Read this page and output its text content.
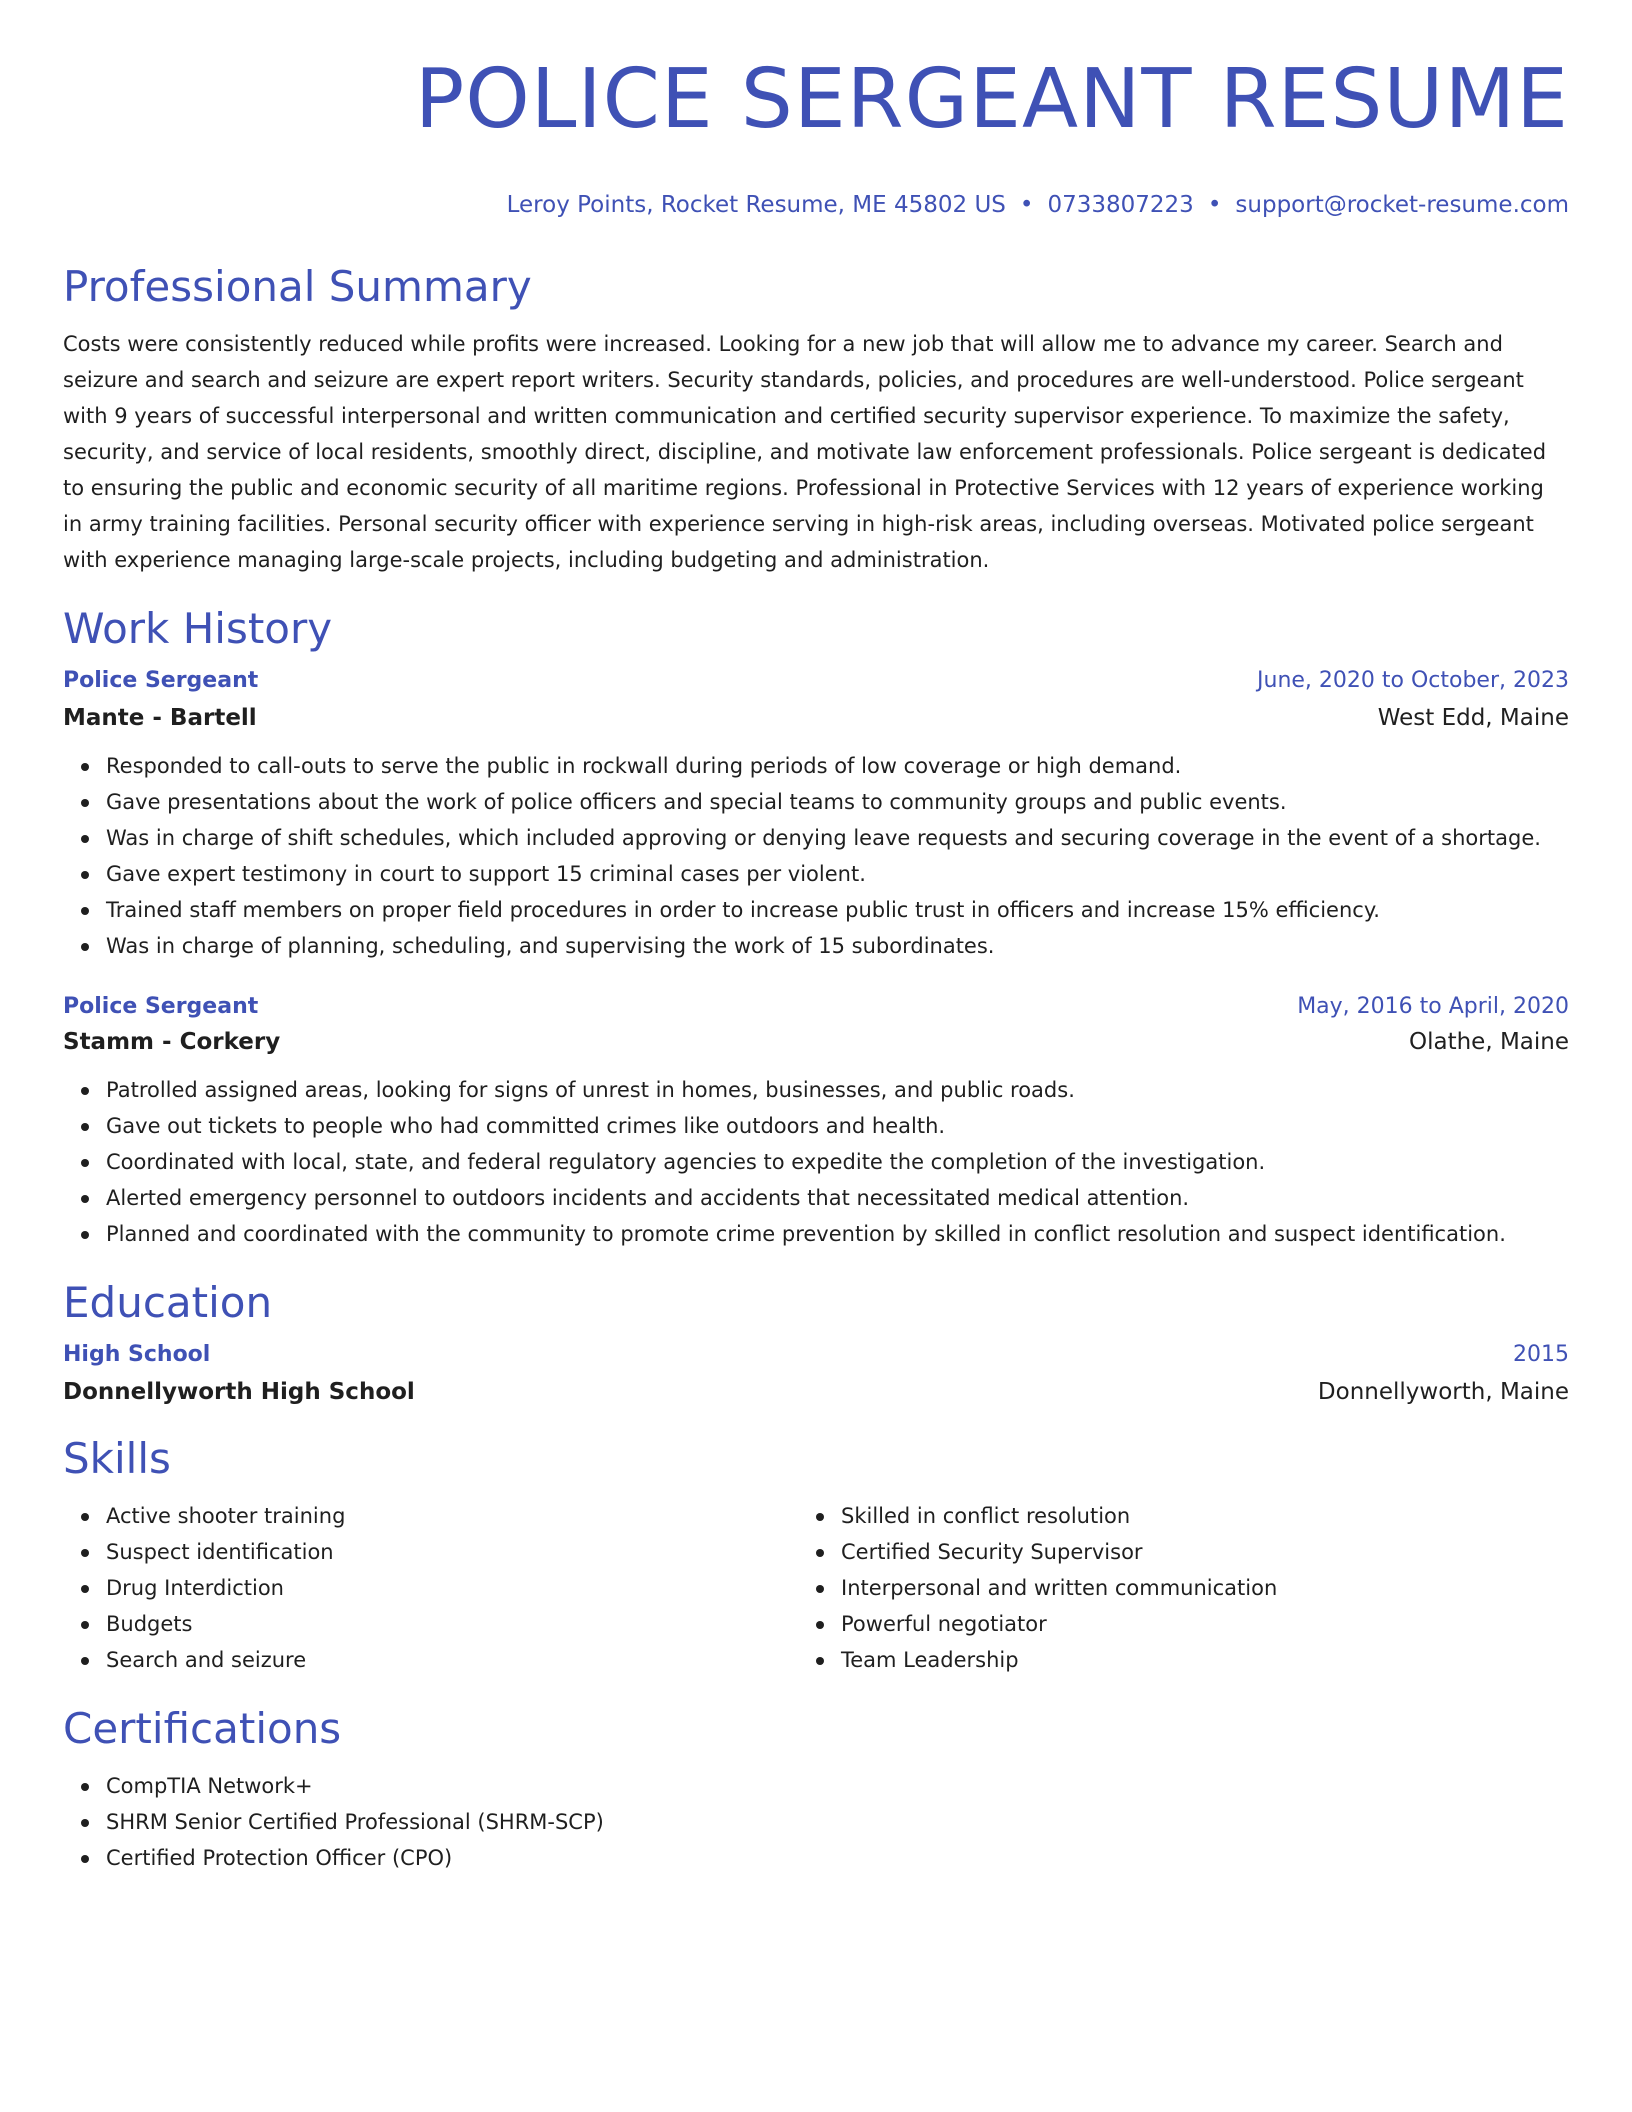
POLICE SERGEANT RESUME
Leroy Points, Rocket Resume, ME 45802 US • 0733807223 • support@rocket-resume.com
Professional Summary

Costs were consistently reduced while profits were increased. Looking for a new job that will allow me to advance my career. Search and seizure and search and seizure are expert report writers. Security standards, policies, and procedures are well-understood. Police sergeant with 9 years of successful interpersonal and written communication and certified security supervisor experience. To maximize the safety, security, and service of local residents, smoothly direct, discipline, and motivate law enforcement professionals. Police sergeant is dedicated to ensuring the public and economic security of all maritime regions. Professional in Protective Services with 12 years of experience working in army training facilities. Personal security officer with experience serving in high-risk areas, including overseas. Motivated police sergeant with experience managing large-scale projects, including budgeting and administration.

Work History
Police Sergeant	June, 2020 to October, 2023
Mante - Bartell	West Edd, Maine
Responded to call-outs to serve the public in rockwall during periods of low coverage or high demand.
Gave presentations about the work of police officers and special teams to community groups and public events.
Was in charge of shift schedules, which included approving or denying leave requests and securing coverage in the event of a shortage.
Gave expert testimony in court to support 15 criminal cases per violent.
Trained staff members on proper field procedures in order to increase public trust in officers and increase 15% efficiency.
Was in charge of planning, scheduling, and supervising the work of 15 subordinates.
Police Sergeant	May, 2016 to April, 2020
Stamm - Corkery	Olathe, Maine
Patrolled assigned areas, looking for signs of unrest in homes, businesses, and public roads.
Gave out tickets to people who had committed crimes like outdoors and health.
Coordinated with local, state, and federal regulatory agencies to expedite the completion of the investigation.
Alerted emergency personnel to outdoors incidents and accidents that necessitated medical attention.
Planned and coordinated with the community to promote crime prevention by skilled in conflict resolution and suspect identification.
Education
High School	2015
Donnellyworth High School	Donnellyworth, Maine
Skills
Active shooter training
Suspect identification
Drug Interdiction
Budgets
Search and seizure
Skilled in conflict resolution
Certified Security Supervisor
Interpersonal and written communication
Powerful negotiator
Team Leadership
Certifications
CompTIA Network+
SHRM Senior Certified Professional (SHRM-SCP)
Certified Protection Officer (CPO)
